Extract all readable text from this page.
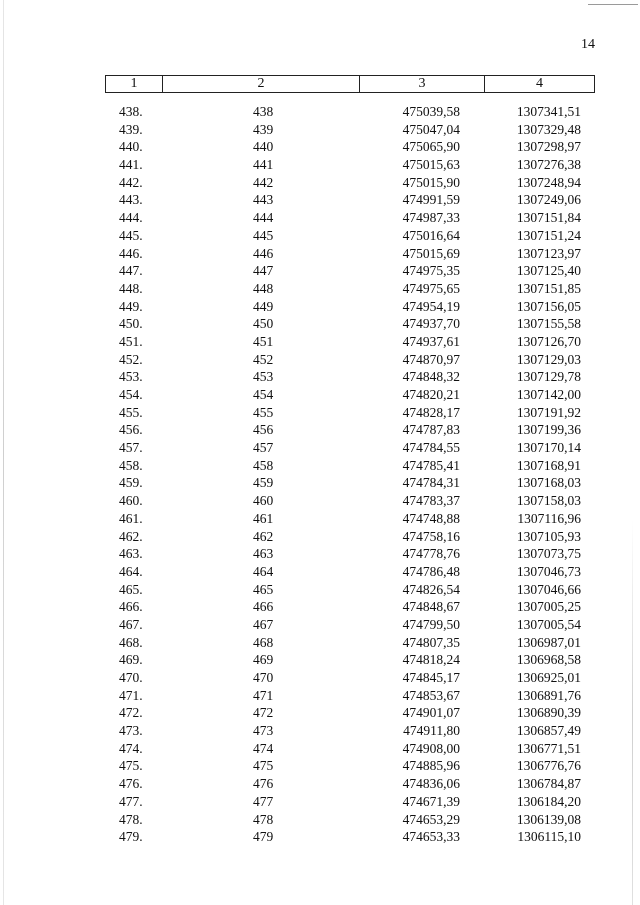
14
1	2	3	4
438.	438	475039,58	1307341,51
439.	439	475047,04	1307329,48
440.	440	475065,90	1307298,97
441.	441	475015,63	1307276,38
442.	442	475015,90	1307248,94
443.	443	474991,59	1307249,06
444.	444	474987,33	1307151,84
445.	445	475016,64	1307151,24
446.	446	475015,69	1307123,97
447.	447	474975,35	1307125,40
448.	448	474975,65	1307151,85
449.	449	474954,19	1307156,05
450.	450	474937,70	1307155,58
451.	451	474937,61	1307126,70
452.	452	474870,97	1307129,03
453.	453	474848,32	1307129,78
454.	454	474820,21	1307142,00
455.	455	474828,17	1307191,92
456.	456	474787,83	1307199,36
457.	457	474784,55	1307170,14
458.	458	474785,41	1307168,91
459.	459	474784,31	1307168,03
460.	460	474783,37	1307158,03
461.	461	474748,88	1307116,96
462.	462	474758,16	1307105,93
463.	463	474778,76	1307073,75
464.	464	474786,48	1307046,73
465.	465	474826,54	1307046,66
466.	466	474848,67	1307005,25
467.	467	474799,50	1307005,54
468.	468	474807,35	1306987,01
469.	469	474818,24	1306968,58
470.	470	474845,17	1306925,01
471.	471	474853,67	1306891,76
472.	472	474901,07	1306890,39
473.	473	474911,80	1306857,49
474.	474	474908,00	1306771,51
475.	475	474885,96	1306776,76
476.	476	474836,06	1306784,87
477.	477	474671,39	1306184,20
478.	478	474653,29	1306139,08
479.	479	474653,33	1306115,10
